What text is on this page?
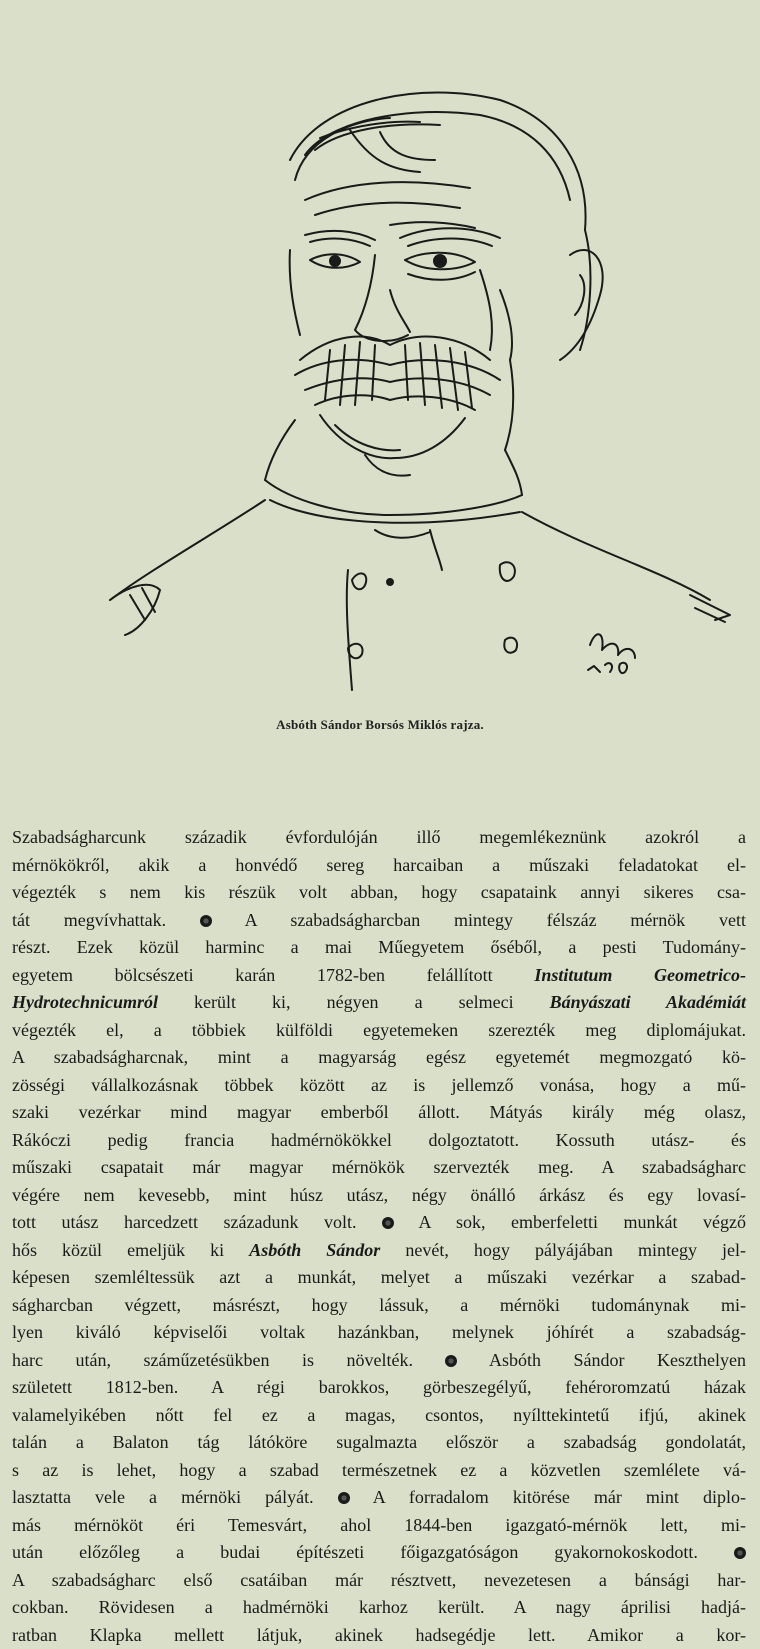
Asbóth Sándor Borsós Miklós rajza.
Szabadságharcunk századik évfordulóján illő megemlékeznünk azokról a
mérnökökről, akik a honvédő sereg harcaiban a műszaki feladatokat el-
végezték s nem kis részük volt abban, hogy csapataink annyi sikeres csa-
tát megvívhattak.  A szabadságharcban mintegy félszáz mérnök vett
részt. Ezek közül harminc a mai Műegyetem őséből, a pesti Tudomány-
egyetem bölcsészeti karán 1782-ben felállított Institutum Geometrico-
Hydrotechnicumról került ki, négyen a selmeci Bányászati Akadémiát
végezték el, a többiek külföldi egyetemeken szerezték meg diplomájukat.
A szabadságharcnak, mint a magyarság egész egyetemét megmozgató kö-
zösségi vállalkozásnak többek között az is jellemző vonása, hogy a mű-
szaki vezérkar mind magyar emberből állott. Mátyás király még olasz,
Rákóczi pedig francia hadmérnökökkel dolgoztatott. Kossuth utász- és
műszaki csapatait már magyar mérnökök szervezték meg. A szabadságharc
végére nem kevesebb, mint húsz utász, négy önálló árkász és egy lovasí-
tott utász harcedzett századunk volt.  A sok, emberfeletti munkát végző
hős közül emeljük ki Asbóth Sándor nevét, hogy pályájában mintegy jel-
képesen szemléltessük azt a munkát, melyet a műszaki vezérkar a szabad-
ságharcban végzett, másrészt, hogy lássuk, a mérnöki tudománynak mi-
lyen kiváló képviselői voltak hazánkban, melynek jóhírét a szabadság-
harc után, száműzetésükben is növelték.  Asbóth Sándor Keszthelyen
született 1812-ben. A régi barokkos, görbeszegélyű, fehéroromzatú házak
valamelyikében nőtt fel ez a magas, csontos, nyílttekintetű ifjú, akinek
talán a Balaton tág látóköre sugalmazta először a szabadság gondolatát,
s az is lehet, hogy a szabad természetnek ez a közvetlen szemlélete vá-
lasztatta vele a mérnöki pályát.  A forradalom kitörése már mint diplo-
más mérnököt éri Temesvárt, ahol 1844-ben igazgató-mérnök lett, mi-
után előzőleg a budai építészeti főigazgatóságon gyakornokoskodott.
A szabadságharc első csatáiban már résztvett, nevezetesen a bánsági har-
cokban. Rövidesen a hadmérnöki karhoz került. A nagy áprilisi hadjá-
ratban Klapka mellett látjuk, akinek hadsegédje lett. Amikor a kor-
